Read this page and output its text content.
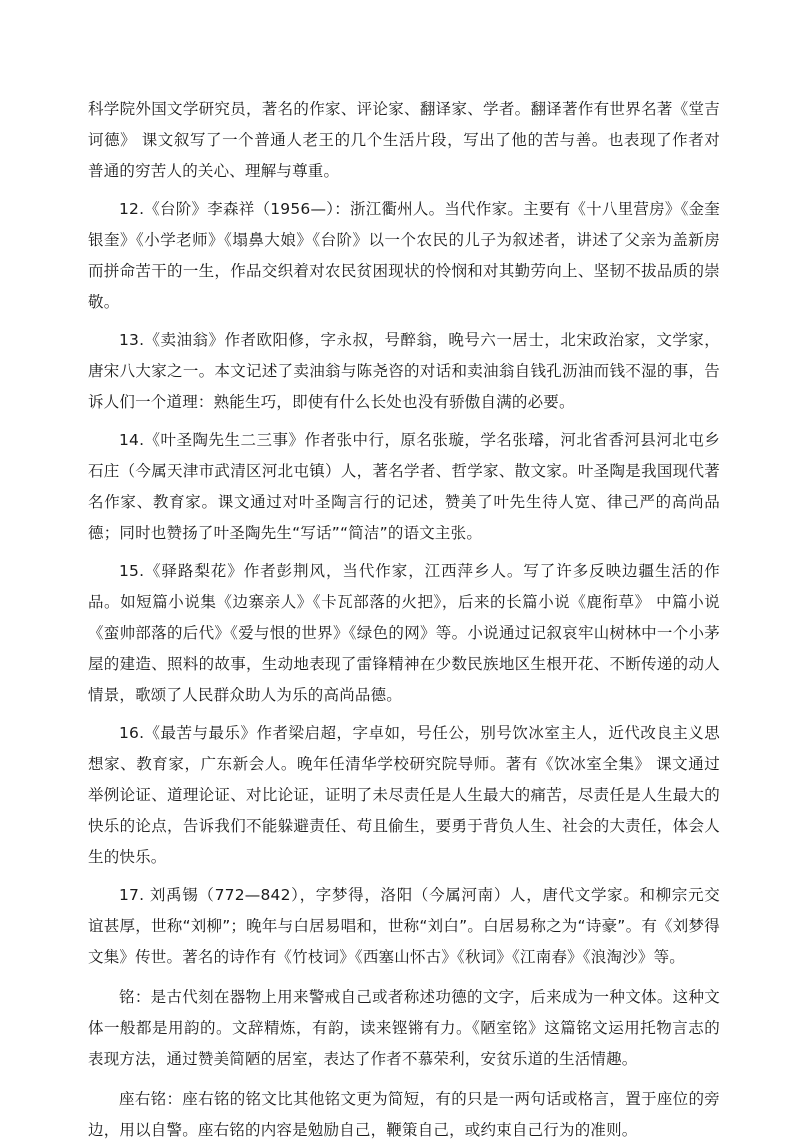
科学院外国文学研究员，著名的作家、评论家、翻译家、学者。翻译著作有世界名著《堂吉诃德》 课文叙写了一个普通人老王的几个生活片段，写出了他的苦与善。也表现了作者对普通的穷苦人的关心、理解与尊重。

12.《台阶》李森祥（1956—）：浙江衢州人。当代作家。主要有《十八里营房》《金奎银奎》《小学老师》《塌鼻大娘》《台阶》以一个农民的儿子为叙述者，讲述了父亲为盖新房而拼命苦干的一生，作品交织着对农民贫困现状的怜悯和对其勤劳向上、坚韧不拔品质的崇敬。

13.《卖油翁》作者欧阳修，字永叔，号醉翁，晚号六一居士，北宋政治家，文学家，唐宋八大家之一。本文记述了卖油翁与陈尧咨的对话和卖油翁自钱孔沥油而钱不湿的事，告诉人们一个道理：熟能生巧，即使有什么长处也没有骄傲自满的必要。

14.《叶圣陶先生二三事》作者张中行，原名张璇，学名张璿，河北省香河县河北屯乡石庄（今属天津市武清区河北屯镇）人，著名学者、哲学家、散文家。叶圣陶是我国现代著名作家、教育家。课文通过对叶圣陶言行的记述，赞美了叶先生待人宽、律己严的高尚品德；同时也赞扬了叶圣陶先生“写话”“简洁”的语文主张。

15.《驿路梨花》作者彭荆风，当代作家，江西萍乡人。写了许多反映边疆生活的作品。如短篇小说集《边寨亲人》《卡瓦部落的火把》，后来的长篇小说《鹿衔草》 中篇小说《蛮帅部落的后代》《爱与恨的世界》《绿色的网》等。小说通过记叙哀牢山树林中一个小茅屋的建造、照料的故事，生动地表现了雷锋精神在少数民族地区生根开花、不断传递的动人情景，歌颂了人民群众助人为乐的高尚品德。

16.《最苦与最乐》作者梁启超，字卓如，号任公，别号饮冰室主人，近代改良主义思想家、教育家，广东新会人。晚年任清华学校研究院导师。著有《饮冰室全集》 课文通过举例论证、道理论证、对比论证，证明了未尽责任是人生最大的痛苦，尽责任是人生最大的快乐的论点，告诉我们不能躲避责任、苟且偷生，要勇于背负人生、社会的大责任，体会人生的快乐。

17. 刘禹锡（772—842），字梦得，洛阳（今属河南）人，唐代文学家。和柳宗元交谊甚厚，世称“刘柳”；晚年与白居易唱和，世称“刘白”。白居易称之为“诗豪”。有《刘梦得文集》传世。著名的诗作有《竹枝词》《西塞山怀古》《秋词》《江南春》《浪淘沙》等。

铭：是古代刻在器物上用来警戒自己或者称述功德的文字，后来成为一种文体。这种文体一般都是用韵的。文辞精炼，有韵，读来铿锵有力。《陋室铭》这篇铭文运用托物言志的表现方法，通过赞美简陋的居室，表达了作者不慕荣利，安贫乐道的生活情趣。

座右铭：座右铭的铭文比其他铭文更为简短，有的只是一两句话或格言，置于座位的旁边，用以自警。座右铭的内容是勉励自己，鞭策自己，或约束自己行为的准则。
